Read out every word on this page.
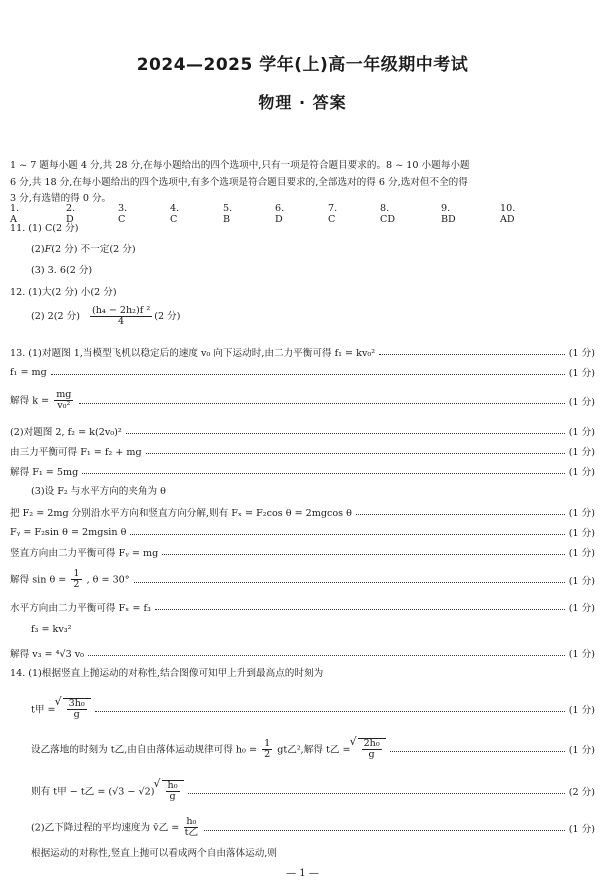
2024—2025 学年(上)高一年级期中考试
物理 · 答案
1 ~ 7 题每小题 4 分,共 28 分,在每小题给出的四个选项中,只有一项是符合题目要求的。8 ~ 10 小题每小题
6 分,共 18 分,在每小题给出的四个选项中,有多个选项是符合题目要求的,全部选对的得 6 分,选对但不全的得
3 分,有选错的得 0 分。
1. A
2. D
3. C
4. C
5. B
6. D
7. C
8. CD
9. BD
10. AD
11. (1) C(2 分)
(2)F(2 分) 不一定(2 分)
(3) 3. 6(2 分)
12. (1)大(2 分) 小(2 分)
(2) 2(2 分) $\frac{\text{(h₄ − 2h₂)f ²}}{4} (2$ 分)
13. (1)对题图 1,当模型飞机以稳定后的速度 v₀ 向下运动时,由二力平衡可得 f₁ = kv₀²	(1 分)
f₁ = mg	(1 分)
解得 $k = \frac{mg}{\text{v₀²}}$	(1 分)
(2)对题图 2, f₂ = k(2v₀)²	(1 分)
由三力平衡可得 F₁ = f₂ + mg	(1 分)
解得 F₁ = 5mg	(1 分)
(3)设 F₂ 与水平方向的夹角为 θ
把 F₂ = 2mg 分别沿水平方向和竖直方向分解,则有 Fₓ = F₂cos θ = 2mgcos θ	(1 分)
Fᵧ = F₂sin θ = 2mgsin θ	(1 分)
竖直方向由二力平衡可得 Fᵧ = mg	(1 分)
解得 $\sin \theta = \frac{1}{2}$ , θ = 30°	(1 分)
水平方向由二力平衡可得 Fₓ = f₃	(1 分)
f₃ = kv₃²
解得 v₃ = ⁴√3 v₀	(1 分)
14. (1)根据竖直上抛运动的对称性,结合图像可知甲上升到最高点的时刻为
t甲 = √ $\frac{\text{3h₀}}{g}$	(1 分)
设乙落地的时刻为 t乙,由自由落体运动规律可得 $h_0 = \frac{1}{2}$ gt乙²,解得 t乙 = √ $\frac{\text{2h₀}}{g}$	(1 分)
则有 t甲 − t乙 = (√3 − √2) √ $\frac{\text{h₀}}{g}$	(2 分)
(2)乙下降过程的平均速度为 v̄乙 = $\frac{\text{h₀}}{\text{t乙}}$	(1 分)
根据运动的对称性,竖直上抛可以看成两个自由落体运动,则
— 1 —
